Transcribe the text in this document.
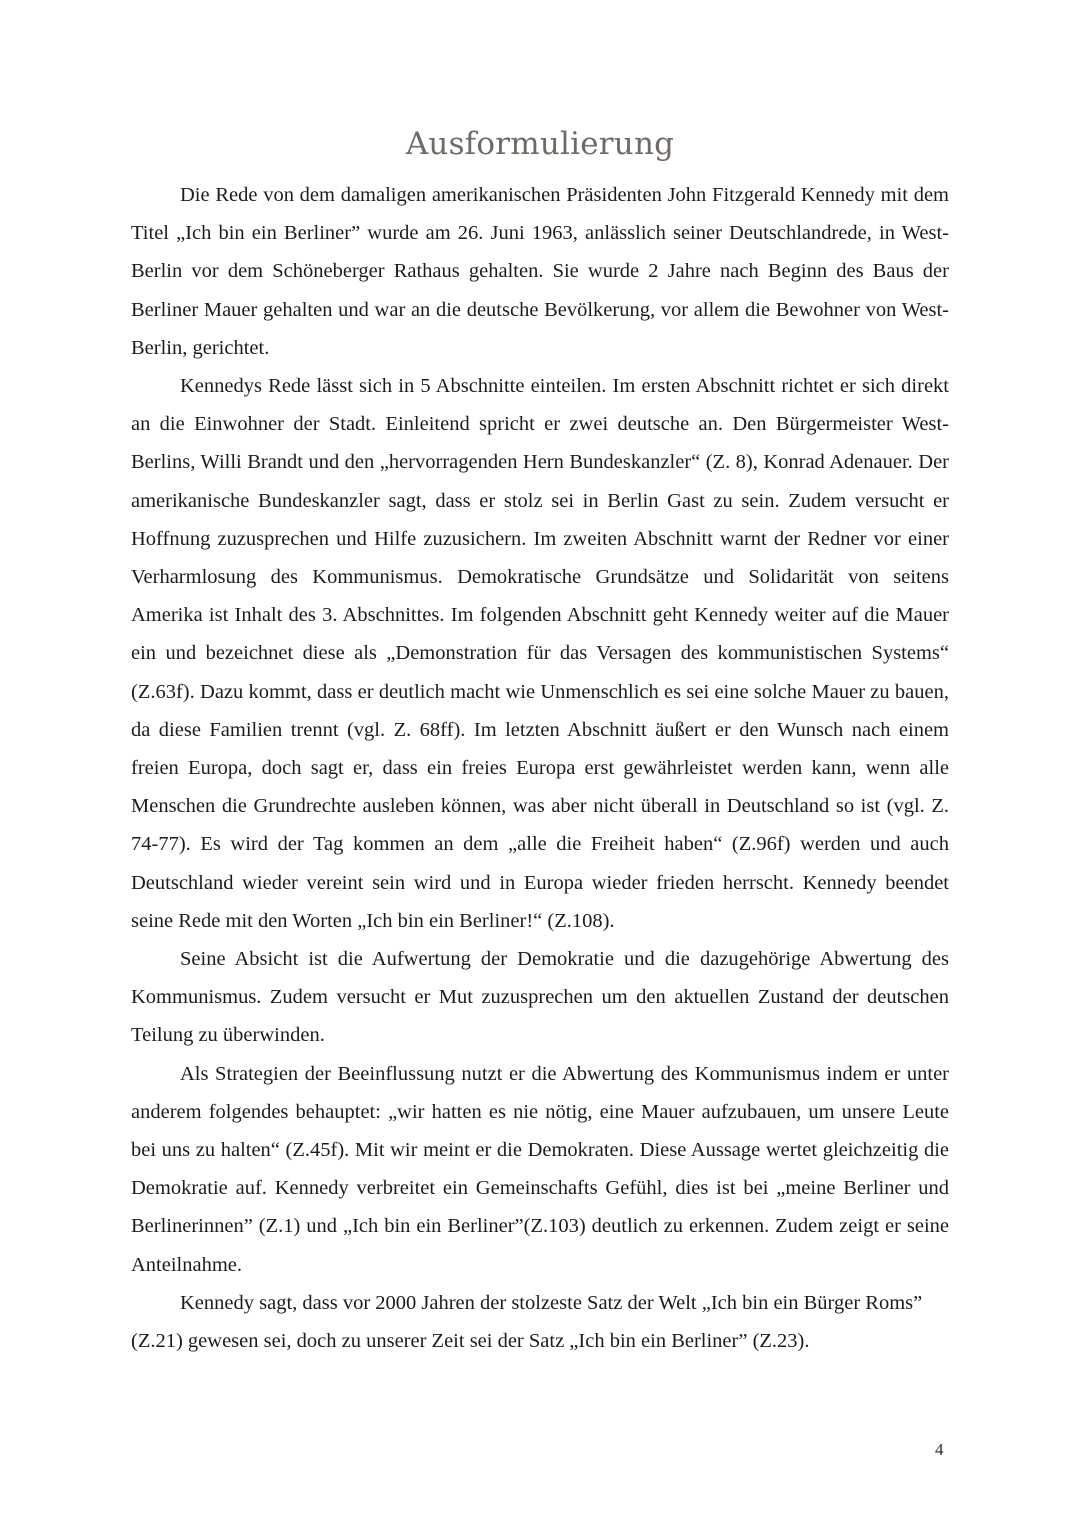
Ausformulierung

Die Rede von dem damaligen amerikanischen Präsidenten John Fitzgerald Kennedy mit dem Titel „Ich bin ein Berliner” wurde am 26. Juni 1963, anlässlich seiner Deutschlandrede, in West-Berlin vor dem Schöneberger Rathaus gehalten. Sie wurde 2 Jahre nach Beginn des Baus der Berliner Mauer gehalten und war an die deutsche Bevölkerung, vor allem die Bewohner von West-Berlin, gerichtet.

Kennedys Rede lässt sich in 5 Abschnitte einteilen. Im ersten Abschnitt richtet er sich direkt an die Einwohner der Stadt. Einleitend spricht er zwei deutsche an. Den Bürgermeister West-Berlins, Willi Brandt und den „hervorragenden Hern Bundeskanzler“ (Z. 8), Konrad Adenauer. Der amerikanische Bundeskanzler sagt, dass er stolz sei in Berlin Gast zu sein. Zudem versucht er Hoffnung zuzusprechen und Hilfe zuzusichern. Im zweiten Abschnitt warnt der Redner vor einer Verharmlosung des Kommunismus. Demokratische Grundsätze und Solidarität von seitens Amerika ist Inhalt des 3. Abschnittes. Im folgenden Abschnitt geht Kennedy weiter auf die Mauer ein und bezeichnet diese als „Demonstration für das Versagen des kommunistischen Systems“ (Z.63f). Dazu kommt, dass er deutlich macht wie Unmenschlich es sei eine solche Mauer zu bauen, da diese Familien trennt (vgl. Z. 68ff). Im letzten Abschnitt äußert er den Wunsch nach einem freien Europa, doch sagt er, dass ein freies Europa erst gewährleistet werden kann, wenn alle Menschen die Grundrechte ausleben können, was aber nicht überall in Deutschland so ist (vgl. Z. 74-77). Es wird der Tag kommen an dem „alle die Freiheit haben“ (Z.96f) werden und auch Deutschland wieder vereint sein wird und in Europa wieder frieden herrscht. Kennedy beendet seine Rede mit den Worten „Ich bin ein Berliner!“ (Z.108).

Seine Absicht ist die Aufwertung der Demokratie und die dazugehörige Abwertung des Kommunismus. Zudem versucht er Mut zuzusprechen um den aktuellen Zustand der deutschen Teilung zu überwinden.

Als Strategien der Beeinflussung nutzt er die Abwertung des Kommunismus indem er unter anderem folgendes behauptet: „wir hatten es nie nötig, eine Mauer aufzubauen, um unsere Leute bei uns zu halten“ (Z.45f). Mit wir meint er die Demokraten. Diese Aussage wertet gleichzeitig die Demokratie auf. Kennedy verbreitet ein Gemeinschafts Gefühl, dies ist bei „meine Berliner und Berlinerinnen” (Z.1) und „Ich bin ein Berliner”(Z.103) deutlich zu erkennen. Zudem zeigt er seine Anteilnahme.

Kennedy sagt, dass vor 2000 Jahren der stolzeste Satz der Welt „Ich bin ein Bürger Roms” (Z.21) gewesen sei, doch zu unserer Zeit sei der Satz „Ich bin ein Berliner” (Z.23).

4
